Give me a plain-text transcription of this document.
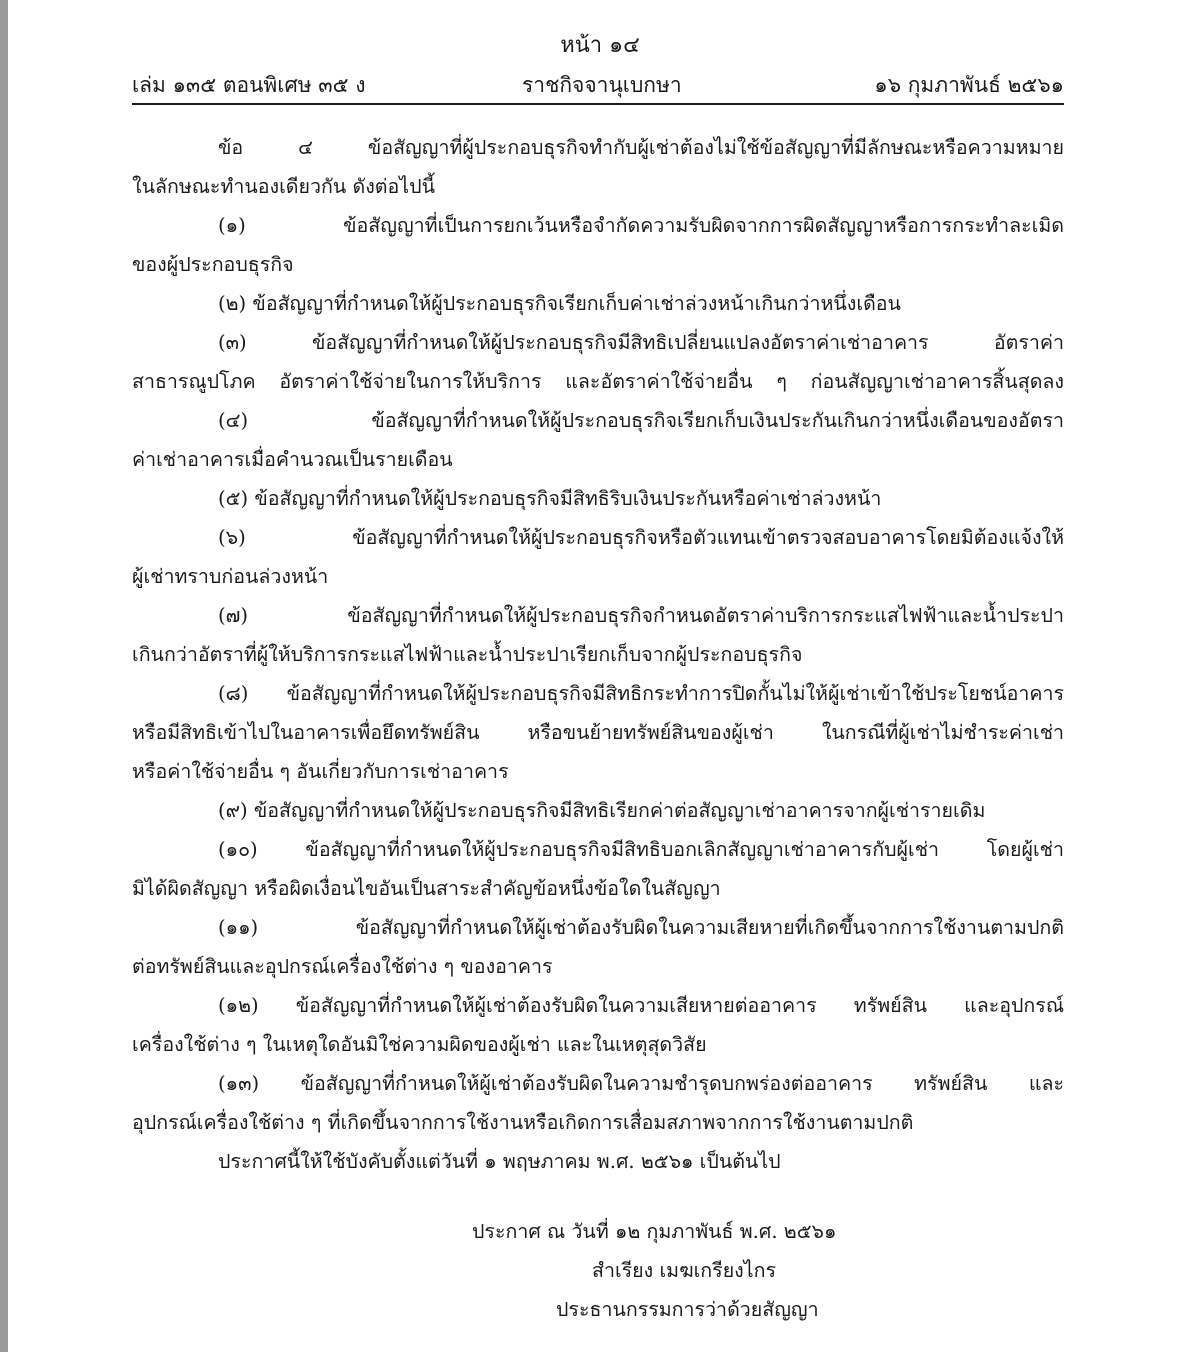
หน้า ๑๔
เล่ม ๑๓๕ ตอนพิเศษ ๓๕ ง	ราชกิจจานุเบกษา	๑๖ กุมภาพันธ์ ๒๕๖๑
ข้อ ๔ ข้อสัญญาที่ผู้ประกอบธุรกิจทำกับผู้เช่าต้องไม่ใช้ข้อสัญญาที่มีลักษณะหรือความหมาย
ในลักษณะทำนองเดียวกัน ดังต่อไปนี้
(๑) ข้อสัญญาที่เป็นการยกเว้นหรือจำกัดความรับผิดจากการผิดสัญญาหรือการกระทำละเมิด
ของผู้ประกอบธุรกิจ
(๒) ข้อสัญญาที่กำหนดให้ผู้ประกอบธุรกิจเรียกเก็บค่าเช่าล่วงหน้าเกินกว่าหนึ่งเดือน
(๓) ข้อสัญญาที่กำหนดให้ผู้ประกอบธุรกิจมีสิทธิเปลี่ยนแปลงอัตราค่าเช่าอาคาร อัตราค่า
สาธารณูปโภค อัตราค่าใช้จ่ายในการให้บริการ และอัตราค่าใช้จ่ายอื่น ๆ ก่อนสัญญาเช่าอาคารสิ้นสุดลง
(๔) ข้อสัญญาที่กำหนดให้ผู้ประกอบธุรกิจเรียกเก็บเงินประกันเกินกว่าหนึ่งเดือนของอัตรา
ค่าเช่าอาคารเมื่อคำนวณเป็นรายเดือน
(๕) ข้อสัญญาที่กำหนดให้ผู้ประกอบธุรกิจมีสิทธิริบเงินประกันหรือค่าเช่าล่วงหน้า
(๖) ข้อสัญญาที่กำหนดให้ผู้ประกอบธุรกิจหรือตัวแทนเข้าตรวจสอบอาคารโดยมิต้องแจ้งให้
ผู้เช่าทราบก่อนล่วงหน้า
(๗) ข้อสัญญาที่กำหนดให้ผู้ประกอบธุรกิจกำหนดอัตราค่าบริการกระแสไฟฟ้าและน้ำประปา
เกินกว่าอัตราที่ผู้ให้บริการกระแสไฟฟ้าและน้ำประปาเรียกเก็บจากผู้ประกอบธุรกิจ
(๘) ข้อสัญญาที่กำหนดให้ผู้ประกอบธุรกิจมีสิทธิกระทำการปิดกั้นไม่ให้ผู้เช่าเข้าใช้ประโยชน์อาคาร
หรือมีสิทธิเข้าไปในอาคารเพื่อยึดทรัพย์สิน หรือขนย้ายทรัพย์สินของผู้เช่า ในกรณีที่ผู้เช่าไม่ชำระค่าเช่า
หรือค่าใช้จ่ายอื่น ๆ อันเกี่ยวกับการเช่าอาคาร
(๙) ข้อสัญญาที่กำหนดให้ผู้ประกอบธุรกิจมีสิทธิเรียกค่าต่อสัญญาเช่าอาคารจากผู้เช่ารายเดิม
(๑๐) ข้อสัญญาที่กำหนดให้ผู้ประกอบธุรกิจมีสิทธิบอกเลิกสัญญาเช่าอาคารกับผู้เช่า โดยผู้เช่า
มิได้ผิดสัญญา หรือผิดเงื่อนไขอันเป็นสาระสำคัญข้อหนึ่งข้อใดในสัญญา
(๑๑) ข้อสัญญาที่กำหนดให้ผู้เช่าต้องรับผิดในความเสียหายที่เกิดขึ้นจากการใช้งานตามปกติ
ต่อทรัพย์สินและอุปกรณ์เครื่องใช้ต่าง ๆ ของอาคาร
(๑๒) ข้อสัญญาที่กำหนดให้ผู้เช่าต้องรับผิดในความเสียหายต่ออาคาร ทรัพย์สิน และอุปกรณ์
เครื่องใช้ต่าง ๆ ในเหตุใดอันมิใช่ความผิดของผู้เช่า และในเหตุสุดวิสัย
(๑๓) ข้อสัญญาที่กำหนดให้ผู้เช่าต้องรับผิดในความชำรุดบกพร่องต่ออาคาร ทรัพย์สิน และ
อุปกรณ์เครื่องใช้ต่าง ๆ ที่เกิดขึ้นจากการใช้งานหรือเกิดการเสื่อมสภาพจากการใช้งานตามปกติ
ประกาศนี้ให้ใช้บังคับตั้งแต่วันที่ ๑ พฤษภาคม พ.ศ. ๒๕๖๑ เป็นต้นไป
ประกาศ ณ วันที่ ๑๒ กุมภาพันธ์ พ.ศ. ๒๕๖๑
สำเรียง เมฆเกรียงไกร
ประธานกรรมการว่าด้วยสัญญา
